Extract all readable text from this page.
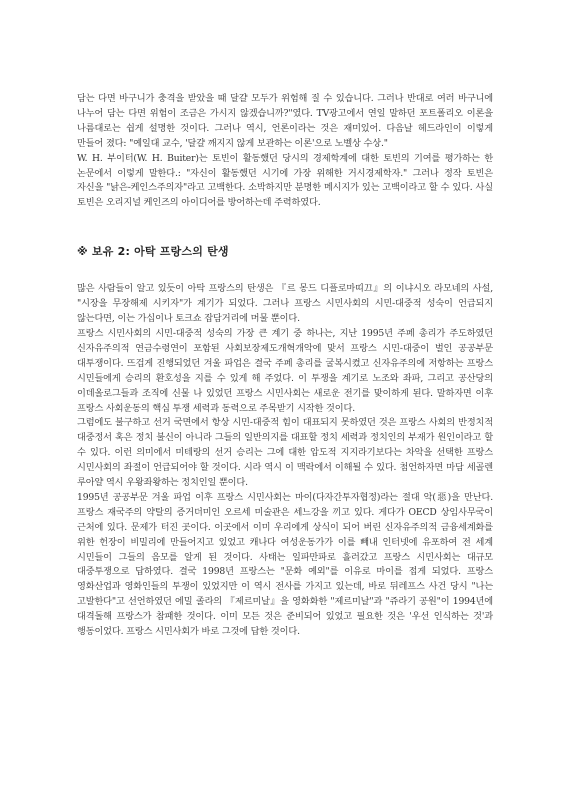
담는 다면 바구니가 충격을 받았을 때 달걀 모두가 위험해 질 수 있습니다. 그러나 반대로 여러 바구니에 나누어 담는 다면 위험이 조금은 가시지 않겠습니까?"였다. TV광고에서 연일 말하던 포트폴리오 이론을 나름대로는 쉽게 설명한 것이다. 그러나 역시, 언론이라는 것은 재미있어. 다음날 헤드라인이 이렇게 만들어 졌다: "예일대 교수, '달걀 깨지지 않게 보관하는 이론'으로 노벨상 수상."

W. H. 부이터(W. H. Buiter)는 토빈이 활동했던 당시의 경제학계에 대한 토빈의 기여를 평가하는 한 논문에서 이렇게 말한다.: "자신이 활동했던 시기에 가장 위해한 거시경제학자." 그러나 정작 토빈은 자신을 "낡은-케인스주의자"라고 고백한다. 소박하지만 분명한 메시지가 있는 고백이라고 할 수 있다. 사실 토빈은 오리지널 케인즈의 아이디어를 방어하는데 주력하였다.

※ 보유 2: 아탁 프랑스의 탄생

많은 사람들이 알고 있듯이 아탁 프랑스의 탄생은 『르 몽드 디플로마띠끄』의 이냐시오 라모네의 사설, "시장을 무장해제 시키자"가 계기가 되었다. 그러나 프랑스 시민사회의 시민-대중적 성숙이 언급되지 않는다면, 이는 가십이나 토크쇼 잡담거리에 머물 뿐이다.

프랑스 시민사회의 시민-대중적 성숙의 가장 큰 계기 중 하나는, 지난 1995년 주페 총리가 주도하였던 신자유주의적 연금수령연이 포함된 사회보장제도개혁개악에 맞서 프랑스 시민-대중이 벌인 공공부문 대투쟁이다. 뜨겁게 진행되었던 겨울 파업은 결국 주페 총리를 굴복시켰고 신자유주의에 저항하는 프랑스 시민들에게 승리의 환호성을 지를 수 있게 해 주었다. 이 투쟁을 계기로 노조와 좌파, 그리고 공산당의 이데올로그들과 조직에 신물 나 있었던 프랑스 시민사회는 새로운 전기를 맞이하게 된다. 말하자면 이후 프랑스 사회운동의 핵심 투쟁 세력과 동력으로 주목받기 시작한 것이다.

그럼에도 불구하고 선거 국면에서 항상 시민-대중적 힘이 대표되지 못하였던 것은 프랑스 사회의 반정치적 대중정서 혹은 정치 불신이 아니라 그들의 일반의지를 대표할 정치 세력과 정치인의 부재가 원인이라고 할 수 있다. 이런 의미에서 미테랑의 선거 승리는 그에 대한 압도적 지지라기보다는 차악을 선택한 프랑스 시민사회의 좌절이 언급되어야 할 것이다. 시라 역시 이 맥락에서 이해될 수 있다. 첨언하자면 마담 세골렌 루아얄 역시 우왕좌왕하는 정치인일 뿐이다.

1995년 공공부문 겨울 파업 이후 프랑스 시민사회는 마이(다자간투자협정)라는 절대 악(惡)을 만난다. 프랑스 재국주의 약탈의 증거더미인 오르세 미술관은 세느강을 끼고 있다. 게다가 OECD 상임사무국이 근처에 있다. 문제가 터진 곳이다. 이곳에서 이미 우리에게 상식이 되어 버린 신자유주의적 금융세계화를 위한 헌장이 비밀리에 만들어지고 있었고 캐나다 여성운동가가 이를 빼내 인터넷에 유포하여 전 세계 시민들이 그들의 음모를 알게 된 것이다. 사태는 일파만파로 흘러갔고 프랑스 시민사회는 대규모 대중투쟁으로 답하였다. 결국 1998년 프랑스는 "문화 예외"를 이유로 마이를 접게 되었다. 프랑스 영화산업과 영화인들의 투쟁이 있었지만 이 역시 전사를 가지고 있는데, 바로 뒤레프스 사건 당시 "나는 고발한다"고 선언하였던 에밀 졸라의 『제르미날』을 영화화한 "제르미날"과 "쥬라기 공원"이 1994년에 대격돌해 프랑스가 참패한 것이다. 이미 모든 것은 준비되어 있었고 필요한 것은 '우선 인식하는 것'과 행동이었다. 프랑스 시민사회가 바로 그것에 답한 것이다.
